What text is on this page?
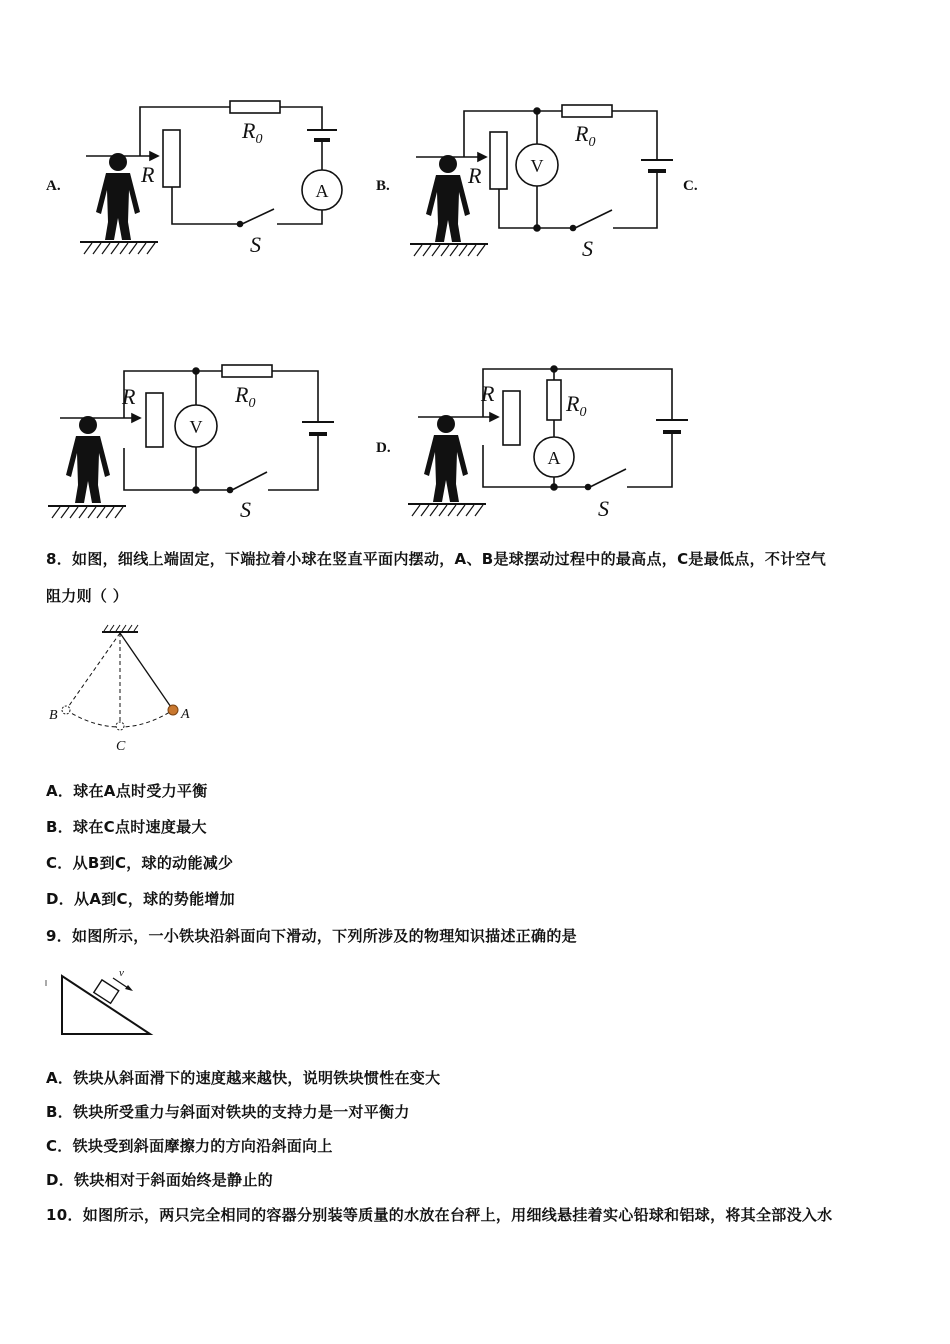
A.	B.	C.
D.
R
$R_0$
S
R
$R_0$
S
R	$R_0$
S
R	$R_0$
S
A
V
V
A
8．如图，细线上端固定，下端拉着小球在竖直平面内摆动，A、B是球摆动过程中的最高点，C是最低点，不计空气
阻力则（ ）
A
B
C
A．球在A点时受力平衡
B．球在C点时速度最大
C．从B到C，球的动能减少
D．从A到C，球的势能增加
9．如图所示，一小铁块沿斜面向下滑动，下列所涉及的物理知识描述正确的是
v
A．铁块从斜面滑下的速度越来越快，说明铁块惯性在变大
B．铁块所受重力与斜面对铁块的支持力是一对平衡力
C．铁块受到斜面摩擦力的方向沿斜面向上
D．铁块相对于斜面始终是静止的
10．如图所示，两只完全相同的容器分别装等质量的水放在台秤上，用细线悬挂着实心铅球和铝球，将其全部没入水
